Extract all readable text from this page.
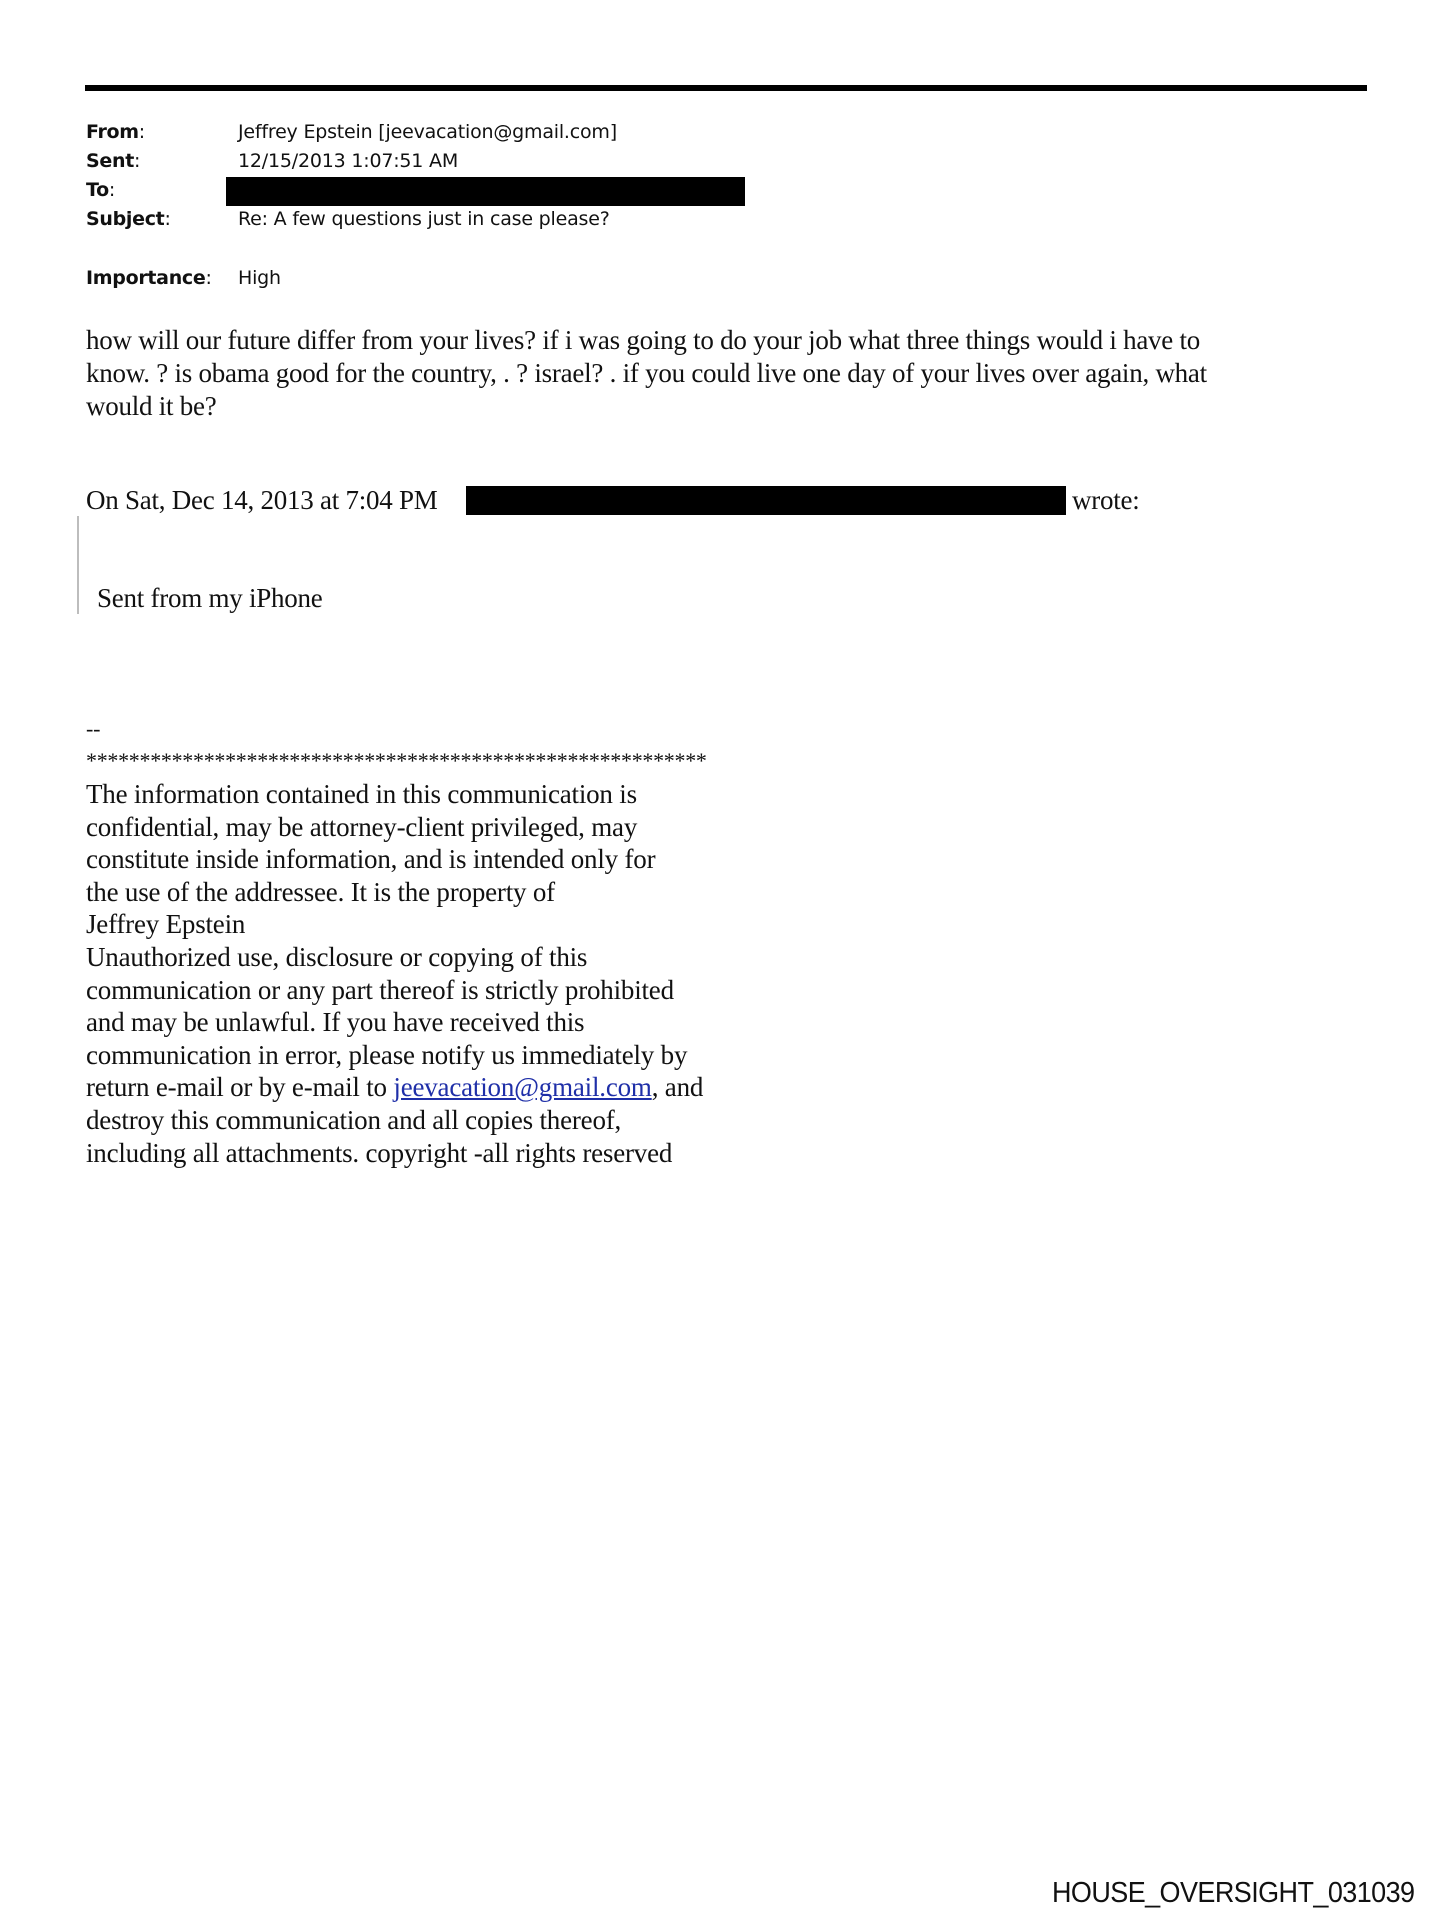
From:	Jeffrey Epstein [jeevacation@gmail.com]
Sent:	12/15/2013 1:07:51 AM
To:
Subject:	Re: A few questions just in case please?
Importance: High
how will our future differ from your lives? if i was going to do your job what three things would i have to
know. ? is obama good for the country, . ? israel? . if you could live one day of your lives over again, what
would it be?
On Sat, Dec 14, 2013 at 7:04 PM	wrote:
Sent from my iPhone
--
**********************************************************
The information contained in this communication is
confidential, may be attorney-client privileged, may
constitute inside information, and is intended only for
the use of the addressee. It is the property of
Jeffrey Epstein
Unauthorized use, disclosure or copying of this
communication or any part thereof is strictly prohibited
and may be unlawful. If you have received this
communication in error, please notify us immediately by
return e-mail or by e-mail to jeevacation@gmail.com, and
destroy this communication and all copies thereof,
including all attachments. copyright -all rights reserved
HOUSE_OVERSIGHT_031039
